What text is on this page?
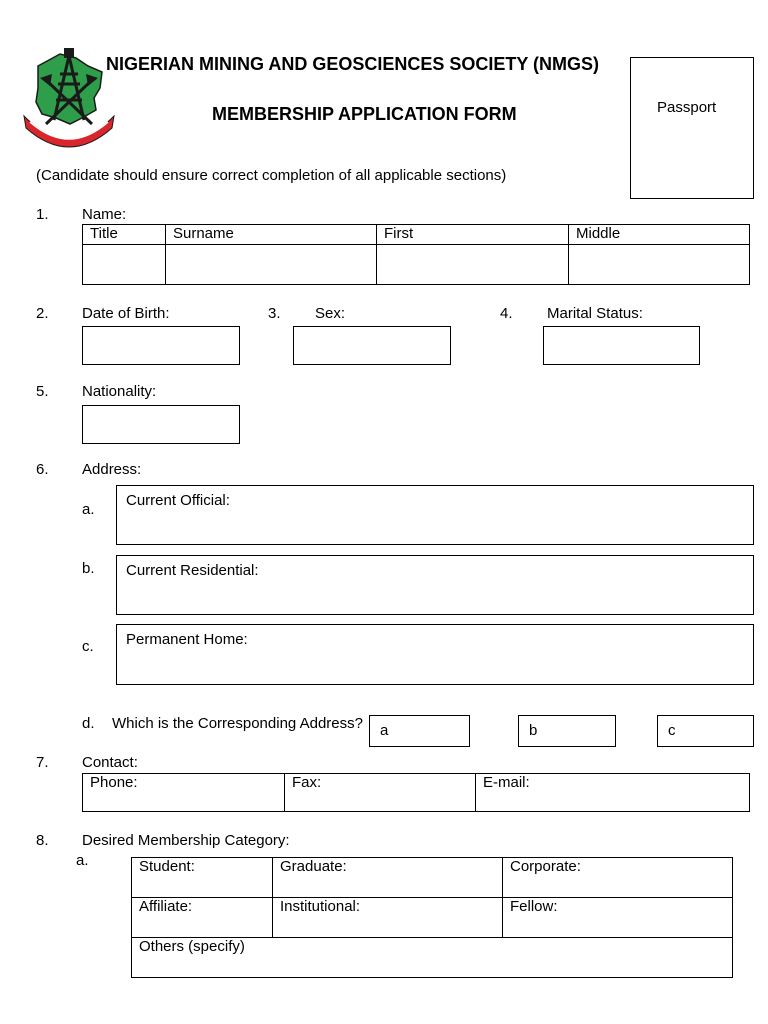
NIGERIAN MINING AND GEOSCIENCES SOCIETY (NMGS)
MEMBERSHIP APPLICATION FORM	Passport
(Candidate should ensure correct completion of all applicable sections)
1. Name:
Title	Surname	First	Middle

2. Date of Birth:	3. Sex:	4. Marital Status:
5. Nationality:
6. Address:
a.
Current Official:
b. Current Residential:
c. Permanent Home:
d. Which is the Corresponding Address? a	b	c
7. Contact:
Phone:	Fax:	E-mail:
8. Desired Membership Category:
a.	Student:	Graduate:	Corporate:
Affiliate:	Institutional:	Fellow:
Others (specify)		
